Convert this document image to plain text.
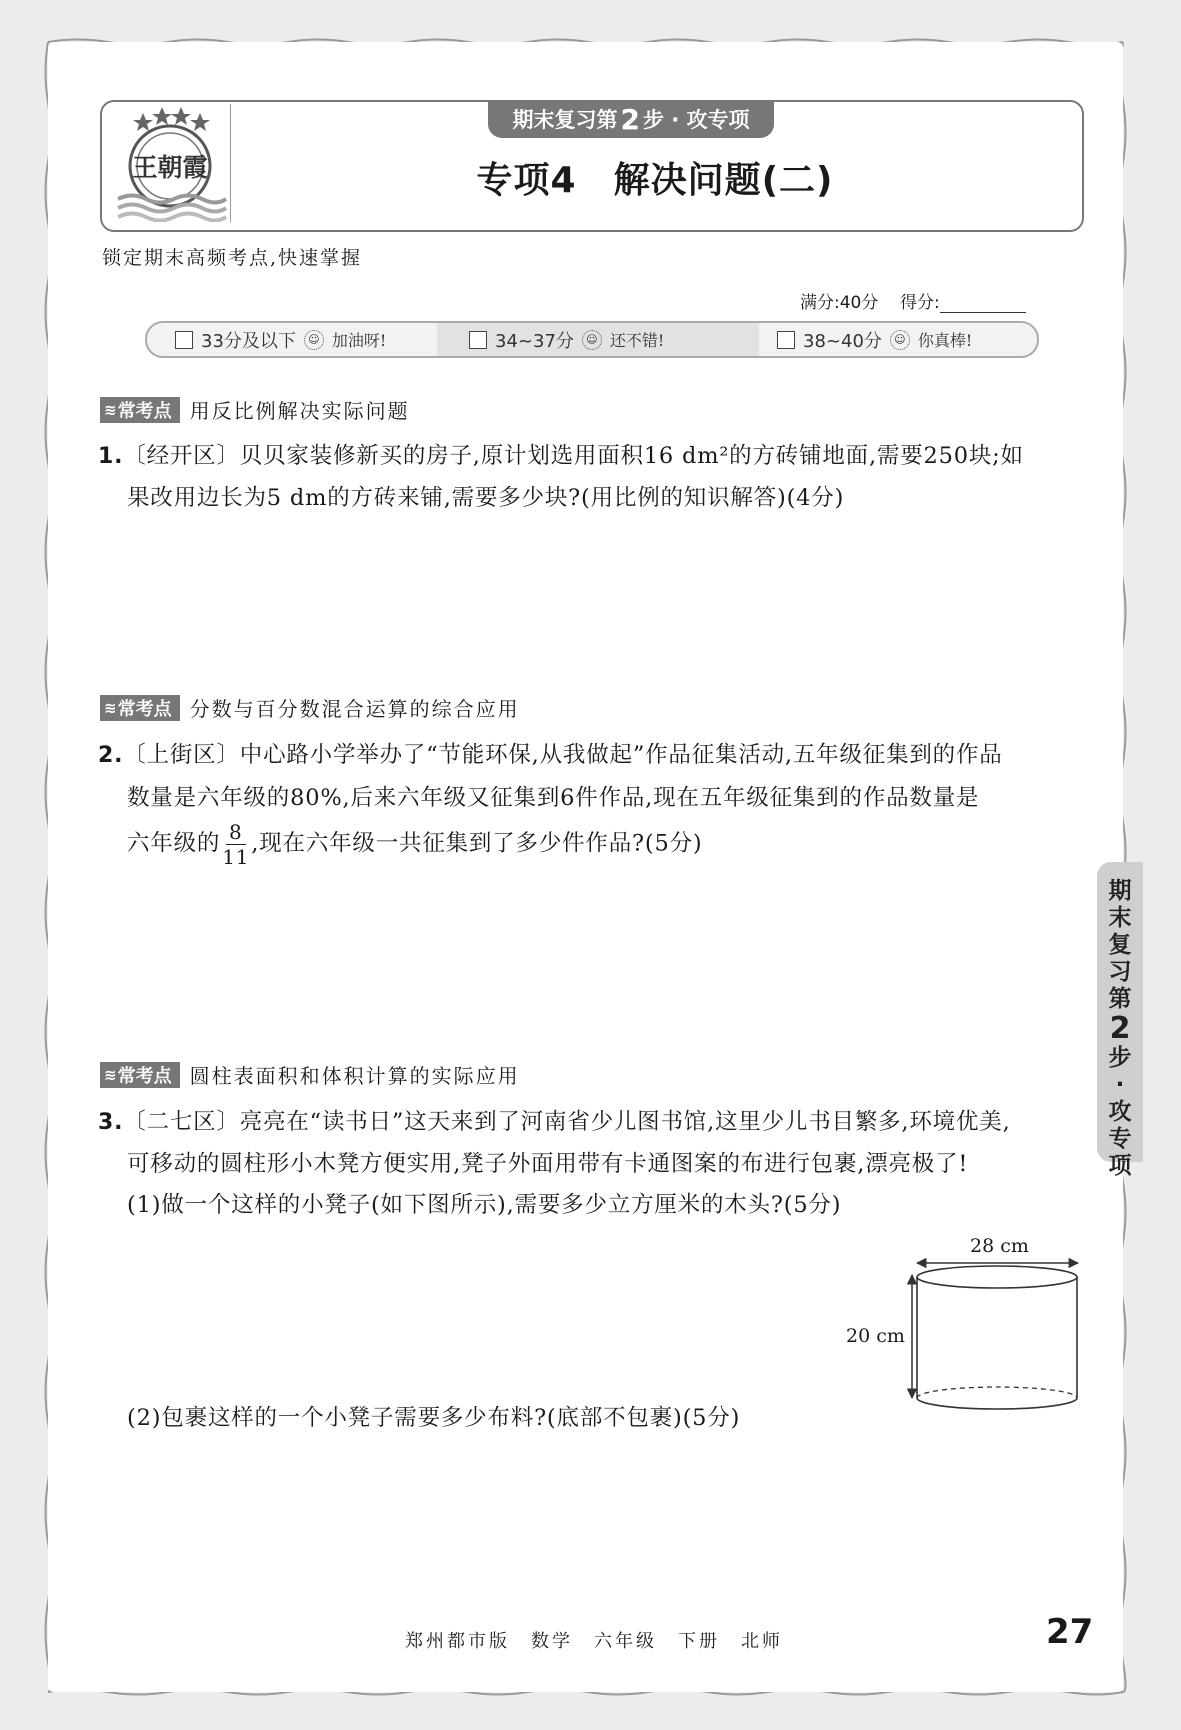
王朝霞
期末复习第 2 步 · 攻专项
专项4　解决问题(二)
锁定期末高频考点,快速掌握
满分:40分 得分:
33分及以下	☺ 加油呀!	34~37分	☺ 还不错!	38~40分	☺ 你真棒!
≋ 常考点 用反比例解决实际问题
1.〔经开区〕贝贝家装修新买的房子,原计划选用面积16 dm²的方砖铺地面,需要250块;如
果改用边长为5 dm的方砖来铺,需要多少块?(用比例的知识解答)(4分)
≋ 常考点 分数与百分数混合运算的综合应用
2.〔上街区〕中心路小学举办了“节能环保,从我做起”作品征集活动,五年级征集到的作品
数量是六年级的80%,后来六年级又征集到6件作品,现在五年级征集到的作品数量是
六年级的 $\frac{8}{11}$ ,现在六年级一共征集到了多少件作品?(5分)
≋ 常考点 圆柱表面积和体积计算的实际应用
3.〔二七区〕亮亮在“读书日”这天来到了河南省少儿图书馆,这里少儿书目繁多,环境优美,
可移动的圆柱形小木凳方便实用,凳子外面用带有卡通图案的布进行包裹,漂亮极了!
(1)做一个这样的小凳子(如下图所示),需要多少立方厘米的木头?(5分)
(2)包裹这样的一个小凳子需要多少布料?(底部不包裹)(5分)
28 cm
20 cm
期
末
复
习
第
2
步
·
攻
专
项
郑州都市版　数学　六年级　下册　北师	27
